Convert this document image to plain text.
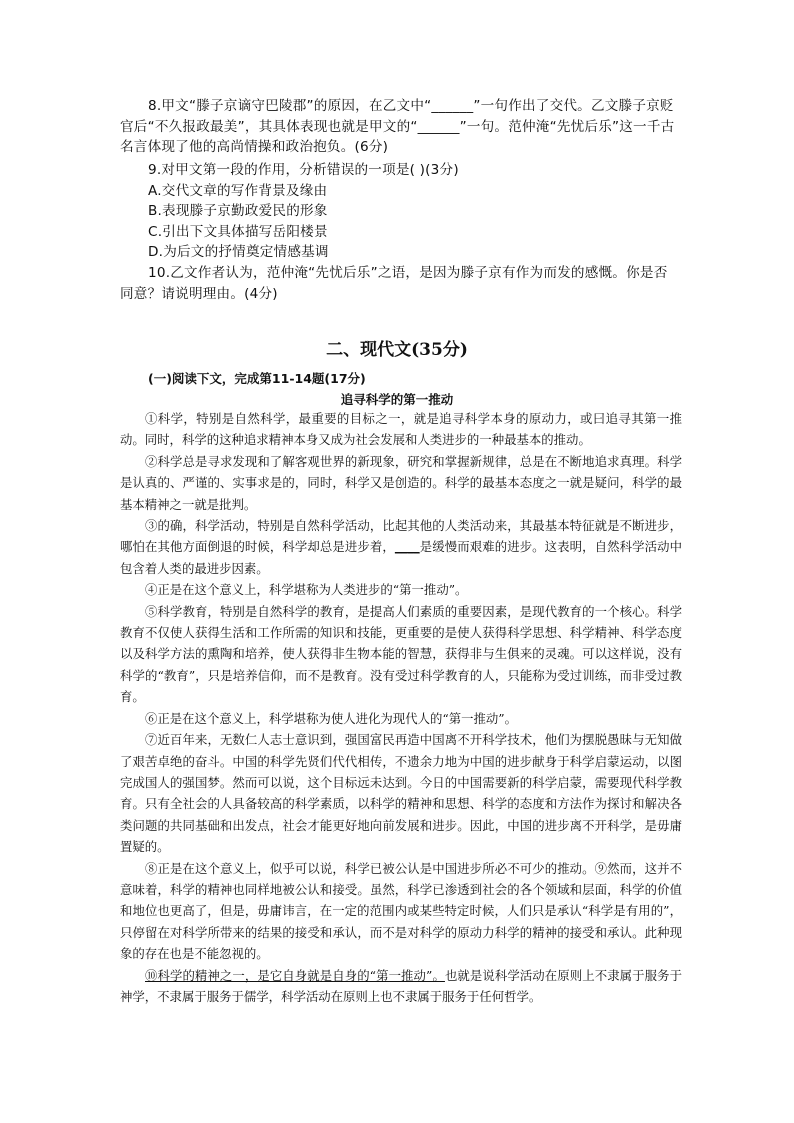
8.甲文“滕子京谪守巴陵郡”的原因，在乙文中“______”一句作出了交代。乙文滕子京贬官后“不久报政最美”，其具体表现也就是甲文的“______”一句。范仲淹“先忧后乐”这一千古名言体现了他的高尚情操和政治抱负。(6分)

9.对甲文第一段的作用，分析错误的一项是( )(3分)

A.交代文章的写作背景及缘由

B.表现滕子京勤政爱民的形象

C.引出下文具体描写岳阳楼景

D.为后文的抒情奠定情感基调

10.乙文作者认为，范仲淹“先忧后乐”之语，是因为滕子京有作为而发的感慨。你是否同意？请说明理由。(4分)

二、现代文(35分)
(一)阅读下文，完成第11-14题(17分)
追寻科学的第一推动

①科学，特别是自然科学，最重要的目标之一，就是追寻科学本身的原动力，或曰追寻其第一推动。同时，科学的这种追求精神本身又成为社会发展和人类进步的一种最基本的推动。

②科学总是寻求发现和了解客观世界的新现象，研究和掌握新规律，总是在不断地追求真理。科学是认真的、严谨的、实事求是的，同时，科学又是创造的。科学的最基本态度之一就是疑问，科学的最基本精神之一就是批判。

③的确，科学活动，特别是自然科学活动，比起其他的人类活动来，其最基本特征就是不断进步，哪怕在其他方面倒退的时候，科学却总是进步着，____是缓慢而艰难的进步。这表明，自然科学活动中包含着人类的最进步因素。

④正是在这个意义上，科学堪称为人类进步的“第一推动”。

⑤科学教育，特别是自然科学的教育，是提高人们素质的重要因素，是现代教育的一个核心。科学教育不仅使人获得生活和工作所需的知识和技能，更重要的是使人获得科学思想、科学精神、科学态度以及科学方法的熏陶和培养，使人获得非生物本能的智慧，获得非与生俱来的灵魂。可以这样说，没有科学的“教育”，只是培养信仰，而不是教育。没有受过科学教育的人，只能称为受过训练，而非受过教育。

⑥正是在这个意义上，科学堪称为使人进化为现代人的“第一推动”。

⑦近百年来，无数仁人志士意识到，强国富民再造中国离不开科学技术，他们为摆脱愚昧与无知做了艰苦卓绝的奋斗。中国的科学先贤们代代相传，不遗余力地为中国的进步献身于科学启蒙运动，以图完成国人的强国梦。然而可以说，这个目标远未达到。今日的中国需要新的科学启蒙，需要现代科学教育。只有全社会的人具备较高的科学素质，以科学的精神和思想、科学的态度和方法作为探讨和解决各类问题的共同基础和出发点，社会才能更好地向前发展和进步。因此，中国的进步离不开科学，是毋庸置疑的。

⑧正是在这个意义上，似乎可以说，科学已被公认是中国进步所必不可少的推动。⑨然而，这并不意味着，科学的精神也同样地被公认和接受。虽然，科学已渗透到社会的各个领域和层面，科学的价值和地位也更高了，但是，毋庸讳言，在一定的范围内或某些特定时候，人们只是承认“科学是有用的”，只停留在对科学所带来的结果的接受和承认，而不是对科学的原动力科学的精神的接受和承认。此种现象的存在也是不能忽视的。

⑩科学的精神之一，是它自身就是自身的“第一推动”。也就是说科学活动在原则上不隶属于服务于神学，不隶属于服务于儒学，科学活动在原则上也不隶属于服务于任何哲学。
